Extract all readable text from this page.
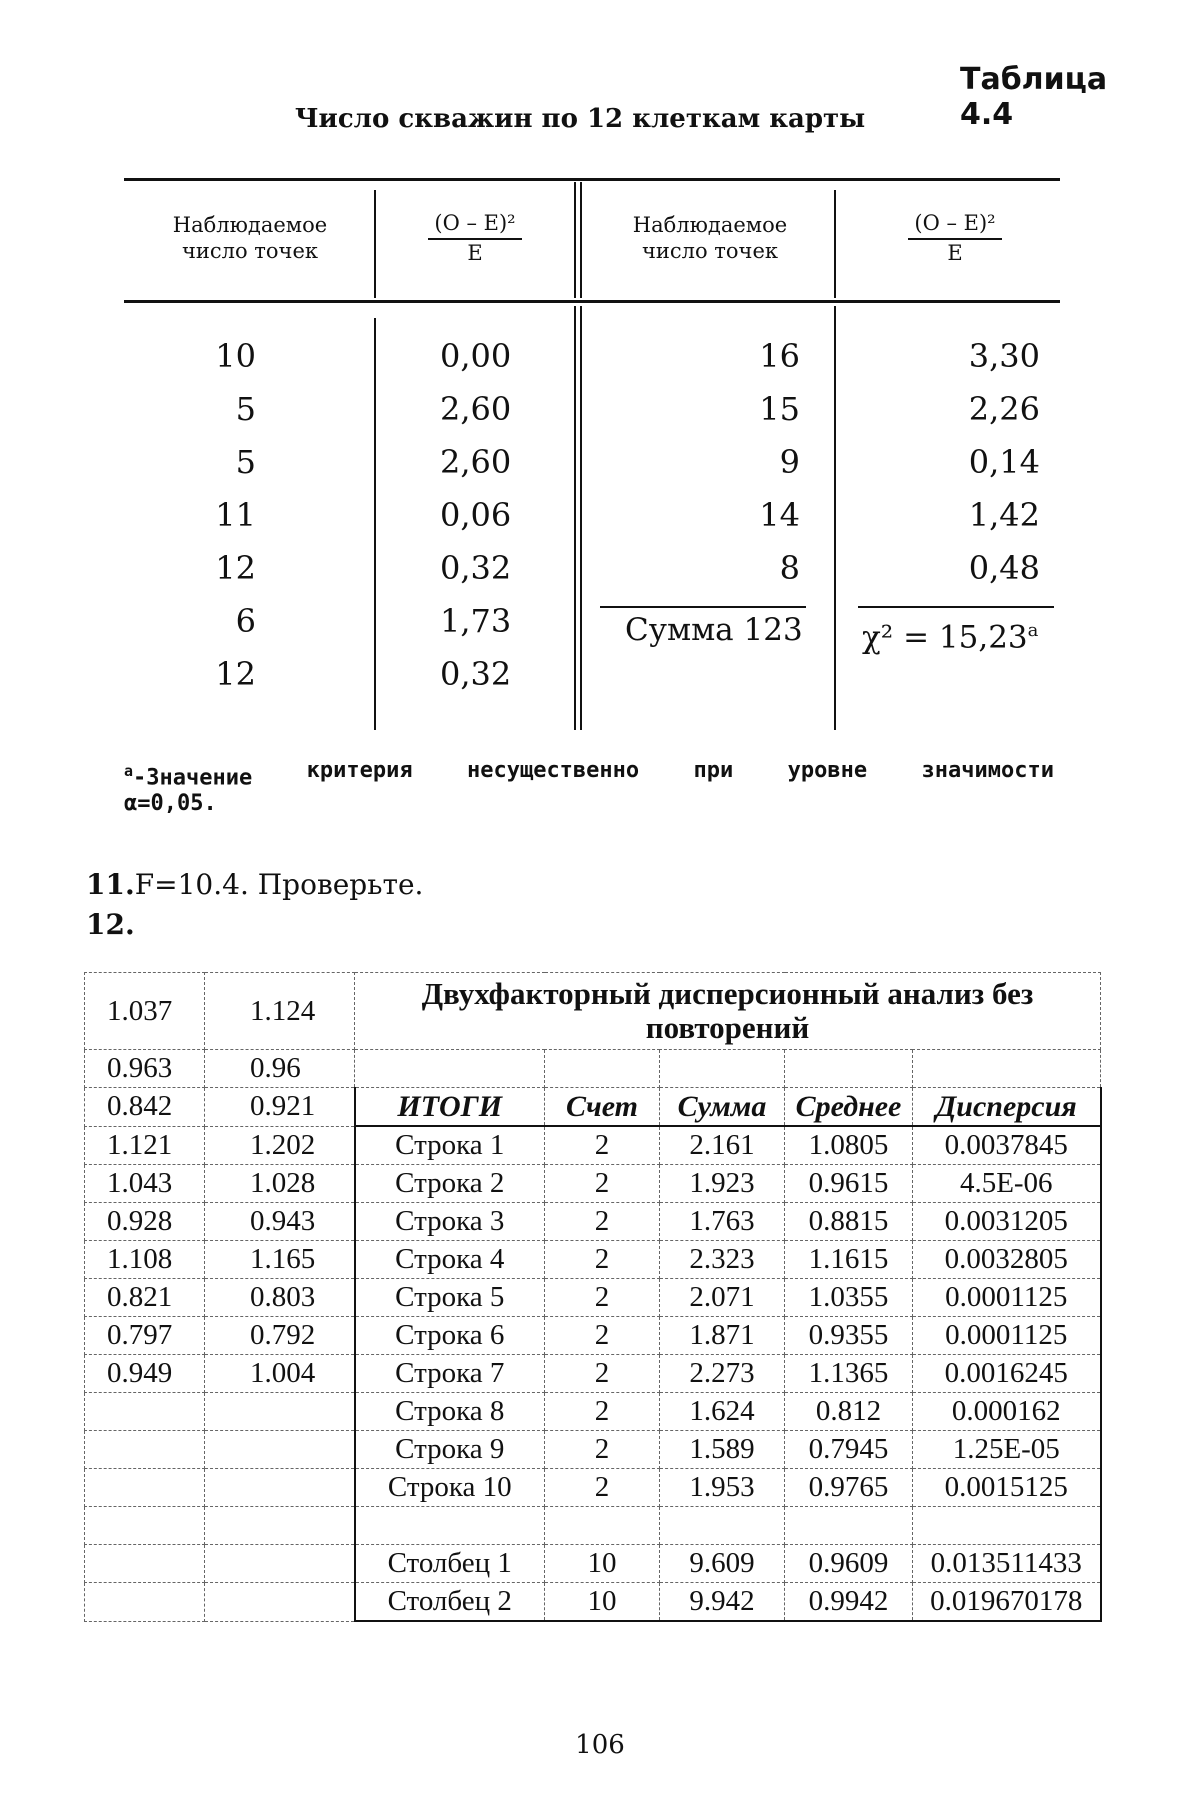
Таблица 4.4
Число скважин по 12 клеткам карты
Наблюдаемое
число точек
(O – E)²
E
Наблюдаемое
число точек
(O – E)²
E
10
5
5
11
12
6
12
0,00
2,60
2,60
0,06
0,32
1,73
0,32
16
15
9
14
8
3,30
2,26
0,14
1,42
0,48
Сумма 123 χ² = 15,23a
a-Значение критерия несущественно при уровне значимости
α=0,05.
11.F=10.4. Проверьте.
12.
1.037	1.124	Двухфакторный дисперсионный анализ без повторений
0.963	0.96					
0.842	0.921	ИТОГИ	Счет	Сумма	Среднее	Дисперсия
1.121	1.202	Строка 1	2	2.161	1.0805	0.0037845
1.043	1.028	Строка 2	2	1.923	0.9615	4.5E-06
0.928	0.943	Строка 3	2	1.763	0.8815	0.0031205
1.108	1.165	Строка 4	2	2.323	1.1615	0.0032805
0.821	0.803	Строка 5	2	2.071	1.0355	0.0001125
0.797	0.792	Строка 6	2	1.871	0.9355	0.0001125
0.949	1.004	Строка 7	2	2.273	1.1365	0.0016245
		Строка 8	2	1.624	0.812	0.000162
		Строка 9	2	1.589	0.7945	1.25E-05
		Строка 10	2	1.953	0.9765	0.0015125

		Столбец 1	10	9.609	0.9609	0.013511433
		Столбец 2	10	9.942	0.9942	0.019670178
106
